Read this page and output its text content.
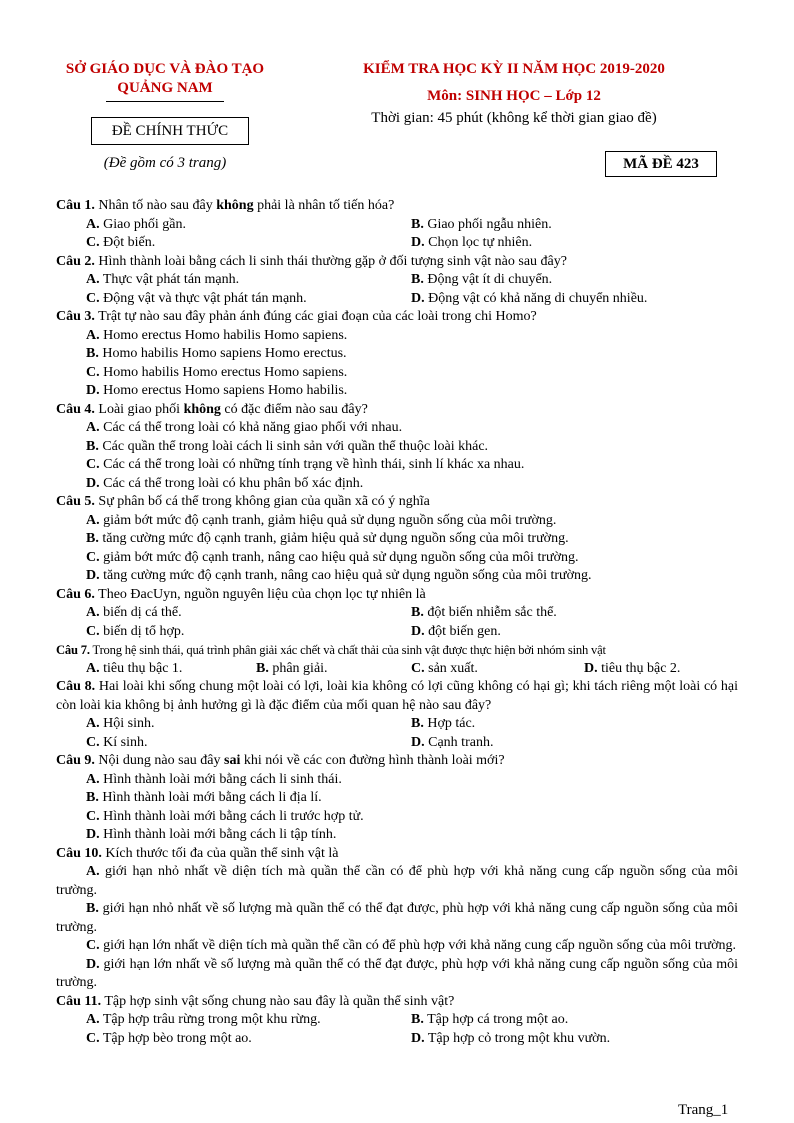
SỞ GIÁO DỤC VÀ ĐÀO TẠO
QUẢNG NAM
ĐỀ CHÍNH THỨC
(Đề gồm có 3 trang)
KIỂM TRA HỌC KỲ II NĂM HỌC 2019-2020
Môn: SINH HỌC – Lớp 12
Thời gian: 45 phút (không kể thời gian giao đề)
MÃ ĐỀ 423
Câu 1. Nhân tố nào sau đây không phải là nhân tố tiến hóa?
A. Giao phối gần.	B. Giao phối ngẫu nhiên.
C. Đột biến.	D. Chọn lọc tự nhiên.
Câu 2. Hình thành loài bằng cách li sinh thái thường gặp ở đối tượng sinh vật nào sau đây?
A. Thực vật phát tán mạnh.	B. Động vật ít di chuyển.
C. Động vật và thực vật phát tán mạnh.	D. Động vật có khả năng di chuyển nhiều.
Câu 3. Trật tự nào sau đây phản ánh đúng các giai đoạn của các loài trong chi Homo?
A. Homo erectus Homo habilis Homo sapiens.
B. Homo habilis Homo sapiens Homo erectus.
C. Homo habilis Homo erectus Homo sapiens.
D. Homo erectus Homo sapiens Homo habilis.
Câu 4. Loài giao phối không có đặc điểm nào sau đây?
A. Các cá thể trong loài có khả năng giao phối với nhau.
B. Các quần thể trong loài cách li sinh sản với quần thể thuộc loài khác.
C. Các cá thể trong loài có những tính trạng về hình thái, sinh lí khác xa nhau.
D. Các cá thể trong loài có khu phân bố xác định.
Câu 5. Sự phân bố cá thể trong không gian của quần xã có ý nghĩa
A. giảm bớt mức độ cạnh tranh, giảm hiệu quả sử dụng nguồn sống của môi trường.
B. tăng cường mức độ cạnh tranh, giảm hiệu quả sử dụng nguồn sống của môi trường.
C. giảm bớt mức độ cạnh tranh, nâng cao hiệu quả sử dụng nguồn sống của môi trường.
D. tăng cường mức độ cạnh tranh, nâng cao hiệu quả sử dụng nguồn sống của môi trường.
Câu 6. Theo ĐacUyn, nguồn nguyên liệu của chọn lọc tự nhiên là
A. biến dị cá thể.	B. đột biến nhiễm sắc thể.
C. biến dị tổ hợp.	D. đột biến gen.
Câu 7. Trong hệ sinh thái, quá trình phân giải xác chết và chất thải của sinh vật được thực hiện bởi nhóm sinh vật
A. tiêu thụ bậc 1.	B. phân giải.	C. sản xuất.	D. tiêu thụ bậc 2.
Câu 8. Hai loài khi sống chung một loài có lợi, loài kia không có lợi cũng không có hại gì; khi tách riêng một loài có hại còn loài kia không bị ảnh hưởng gì là đặc điểm của mối quan hệ nào sau đây?
A. Hội sinh.	B. Hợp tác.
C. Kí sinh.	D. Cạnh tranh.
Câu 9. Nội dung nào sau đây sai khi nói về các con đường hình thành loài mới?
A. Hình thành loài mới bằng cách li sinh thái.
B. Hình thành loài mới bằng cách li địa lí.
C. Hình thành loài mới bằng cách li trước hợp tử.
D. Hình thành loài mới bằng cách li tập tính.
Câu 10. Kích thước tối đa của quần thể sinh vật là
A. giới hạn nhỏ nhất về diện tích mà quần thể cần có để phù hợp với khả năng cung cấp nguồn sống của môi trường.
B. giới hạn nhỏ nhất về số lượng mà quần thể có thể đạt được, phù hợp với khả năng cung cấp nguồn sống của môi trường.
C. giới hạn lớn nhất về diện tích mà quần thể cần có để phù hợp với khả năng cung cấp nguồn sống của môi trường.
D. giới hạn lớn nhất về số lượng mà quần thể có thể đạt được, phù hợp với khả năng cung cấp nguồn sống của môi trường.
Câu 11. Tập hợp sinh vật sống chung nào sau đây là quần thể sinh vật?
A. Tập hợp trâu rừng trong một khu rừng.	B. Tập hợp cá trong một ao.
C. Tập hợp bèo trong một ao.	D. Tập hợp cỏ trong một khu vườn.
Trang_1
